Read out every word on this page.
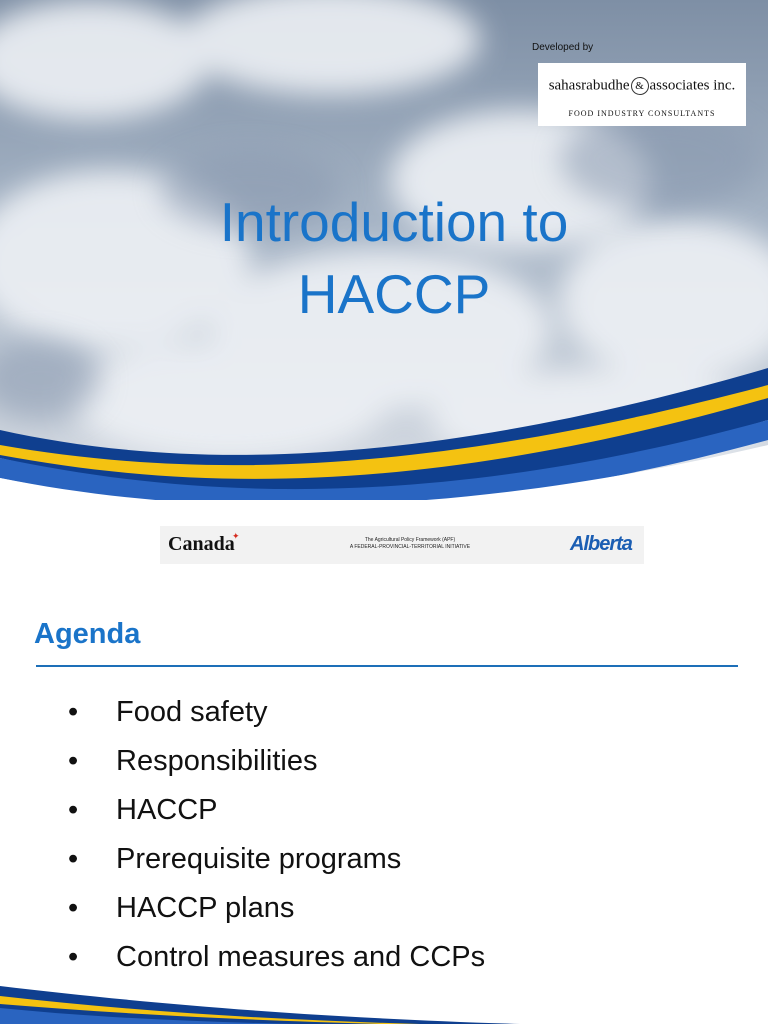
Developed by
sahasrabudhe & associates inc.
FOOD INDUSTRY CONSULTANTS
Introduction to
HACCP
Canada
✦	The Agricultural Policy Framework (APF)
A FEDERAL-PROVINCIAL-TERRITORIAL INITIATIVE	Alberta
Agenda
• Food safety
• Responsibilities
• HACCP
• Prerequisite programs
• HACCP plans
• Control measures and CCPs
